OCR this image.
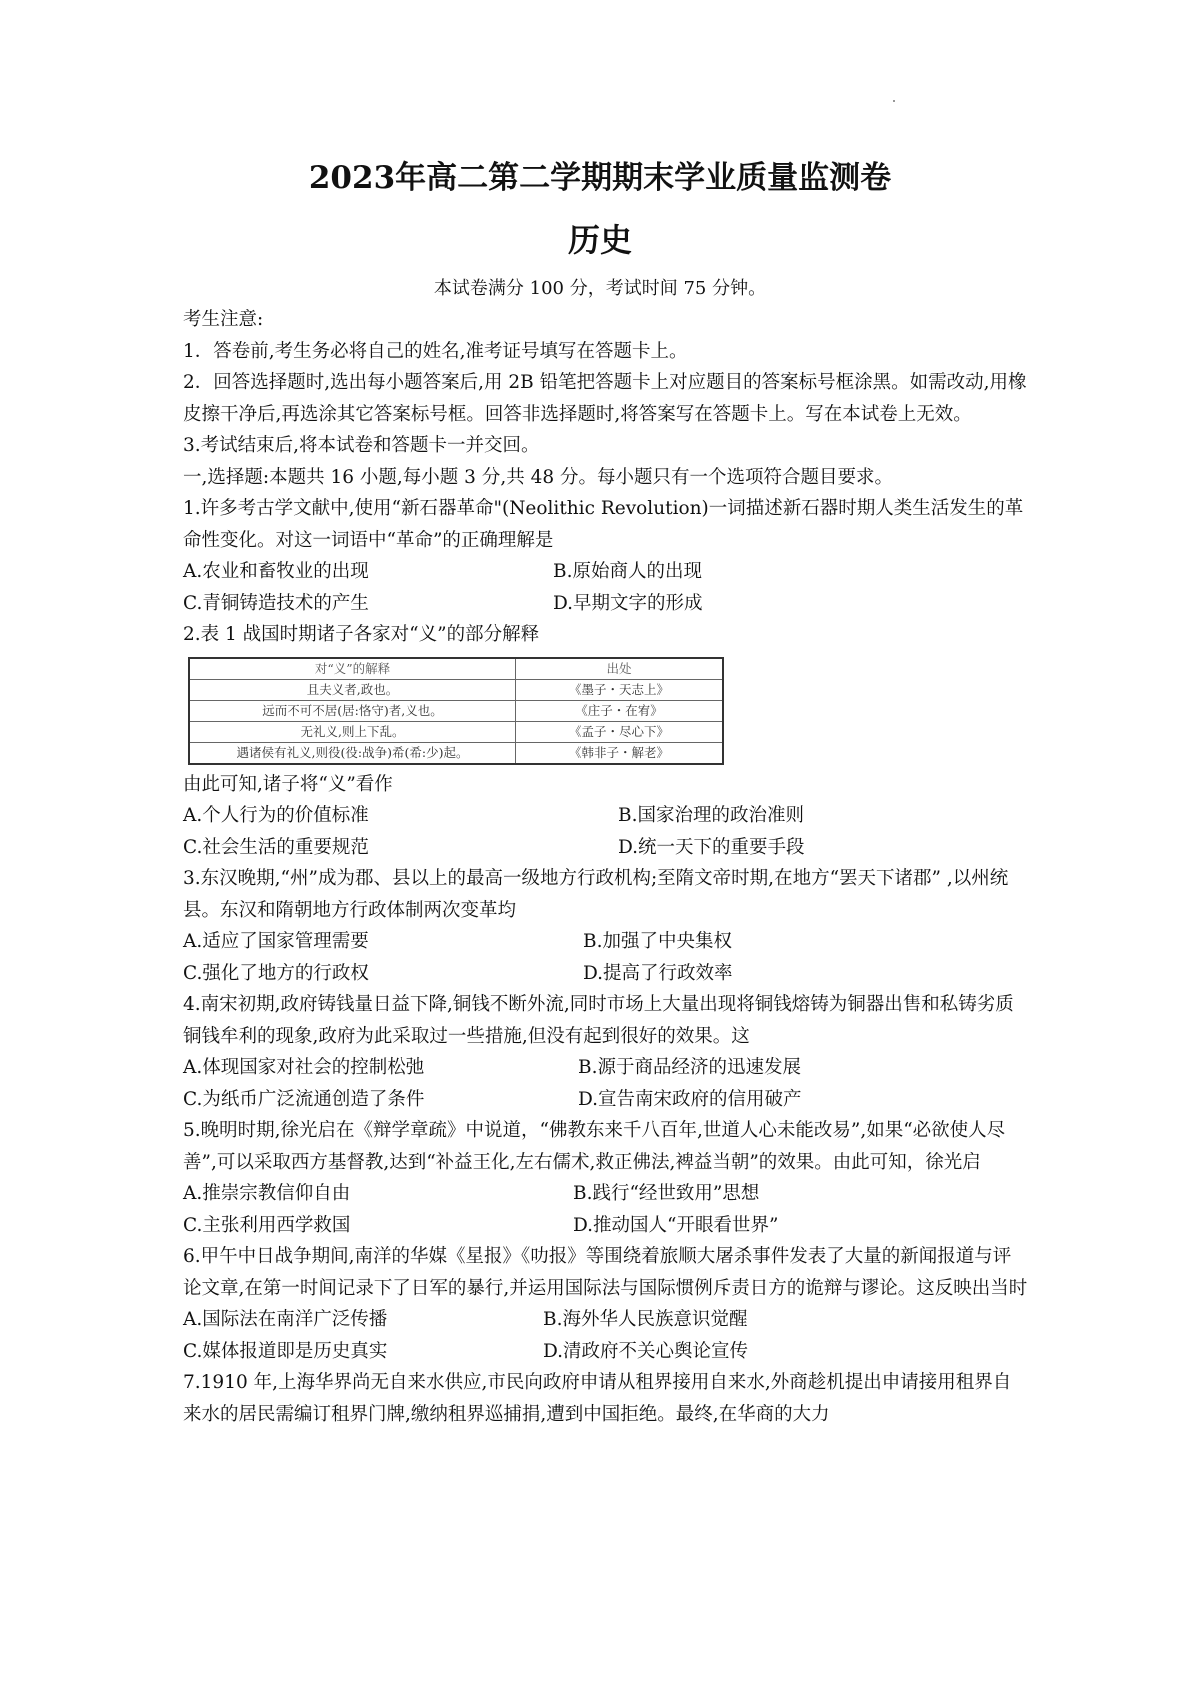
2023年高二第二学期期末学业质量监测卷
历史
本试卷满分 100 分，考试时间 75 分钟。

考生注意:

1．答卷前,考生务必将自己的姓名,准考证号填写在答题卡上。

2．回答选择题时,选出每小题答案后,用 2B 铅笔把答题卡上对应题目的答案标号框涂黑。如需改动,用橡皮擦干净后,再选涂其它答案标号框。回答非选择题时,将答案写在答题卡上。写在本试卷上无效。

3.考试结束后,将本试卷和答题卡一并交回。

一,选择题:本题共 16 小题,每小题 3 分,共 48 分。每小题只有一个选项符合题目要求。

1.许多考古学文献中,使用“新石器革命"(Neolithic Revolution)一词描述新石器时期人类生活发生的革命性变化。对这一词语中“革命”的正确理解是

A.农业和畜牧业的出现	B.原始商人的出现
C.青铜铸造技术的产生	D.早期文字的形成

2.表 1 战国时期诸子各家对“义”的部分解释

对“义”的解释	出处
且夫义者,政也。	《墨子・天志上》
远而不可不居(居:恪守)者,义也。	《庄子・在宥》
无礼义,则上下乱。	《孟子・尽心下》
遇诸侯有礼义,则役(役:战争)希(希:少)起。	《韩非子・解老》

由此可知,诸子将“义”看作

A.个人行为的价值标准	B.国家治理的政治准则
C.社会生活的重要规范	D.统一天下的重要手段

3.东汉晚期,“州”成为郡、县以上的最高一级地方行政机构;至隋文帝时期,在地方“罢天下诸郡” ,以州统县。东汉和隋朝地方行政体制两次变革均

A.适应了国家管理需要	B.加强了中央集权
C.强化了地方的行政权	D.提高了行政效率

4.南宋初期,政府铸钱量日益下降,铜钱不断外流,同时市场上大量出现将铜钱熔铸为铜器出售和私铸劣质铜钱牟利的现象,政府为此采取过一些措施,但没有起到很好的效果。这

A.体现国家对社会的控制松弛	B.源于商品经济的迅速发展
C.为纸币广泛流通创造了条件	D.宣告南宋政府的信用破产

5.晚明时期,徐光启在《辩学章疏》中说道，“佛教东来千八百年,世道人心未能改易”,如果“必欲使人尽善”,可以采取西方基督教,达到“补益王化,左右儒术,救正佛法,裨益当朝”的效果。由此可知，徐光启

A.推崇宗教信仰自由	B.践行“经世致用”思想
C.主张利用西学救国	D.推动国人“开眼看世界”

6.甲午中日战争期间,南洋的华媒《星报》《叻报》等围绕着旅顺大屠杀事件发表了大量的新闻报道与评论文章,在第一时间记录下了日军的暴行,并运用国际法与国际惯例斥责日方的诡辩与谬论。这反映出当时

A.国际法在南洋广泛传播	B.海外华人民族意识觉醒
C.媒体报道即是历史真实	D.清政府不关心舆论宣传

7.1910 年,上海华界尚无自来水供应,市民向政府申请从租界接用自来水,外商趁机提出申请接用租界自来水的居民需编订租界门牌,缴纳租界巡捕捐,遭到中国拒绝。最终,在华商的大力
